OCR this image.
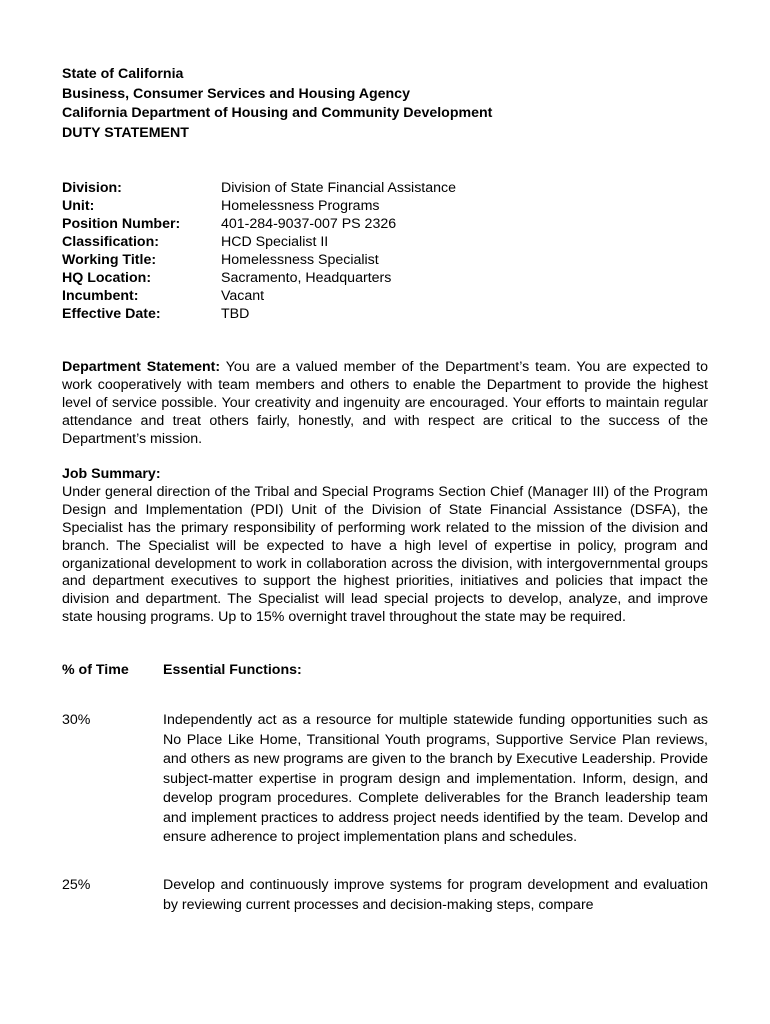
State of California
Business, Consumer Services and Housing Agency
California Department of Housing and Community Development
DUTY STATEMENT
Division:	Division of State Financial Assistance
Unit:	Homelessness Programs
Position Number:	401-284-9037-007 PS 2326
Classification:	HCD Specialist II
Working Title:	Homelessness Specialist
HQ Location:	Sacramento, Headquarters
Incumbent:	Vacant
Effective Date:	TBD
Department Statement: You are a valued member of the Department’s team. You are expected to work cooperatively with team members and others to enable the Department to provide the highest level of service possible. Your creativity and ingenuity are encouraged. Your efforts to maintain regular attendance and treat others fairly, honestly, and with respect are critical to the success of the Department’s mission.
Job Summary:
Under general direction of the Tribal and Special Programs Section Chief (Manager III) of the Program Design and Implementation (PDI) Unit of the Division of State Financial Assistance (DSFA), the Specialist has the primary responsibility of performing work related to the mission of the division and branch. The Specialist will be expected to have a high level of expertise in policy, program and organizational development to work in collaboration across the division, with intergovernmental groups and department executives to support the highest priorities, initiatives and policies that impact the division and department. The Specialist will lead special projects to develop, analyze, and improve state housing programs. Up to 15% overnight travel throughout the state may be required.
% of Time	Essential Functions:
30%	Independently act as a resource for multiple statewide funding opportunities such as No Place Like Home, Transitional Youth programs, Supportive Service Plan reviews, and others as new programs are given to the branch by Executive Leadership. Provide subject-matter expertise in program design and implementation. Inform, design, and develop program procedures. Complete deliverables for the Branch leadership team and implement practices to address project needs identified by the team. Develop and ensure adherence to project implementation plans and schedules.
25%	Develop and continuously improve systems for program development and evaluation by reviewing current processes and decision-making steps, compare
